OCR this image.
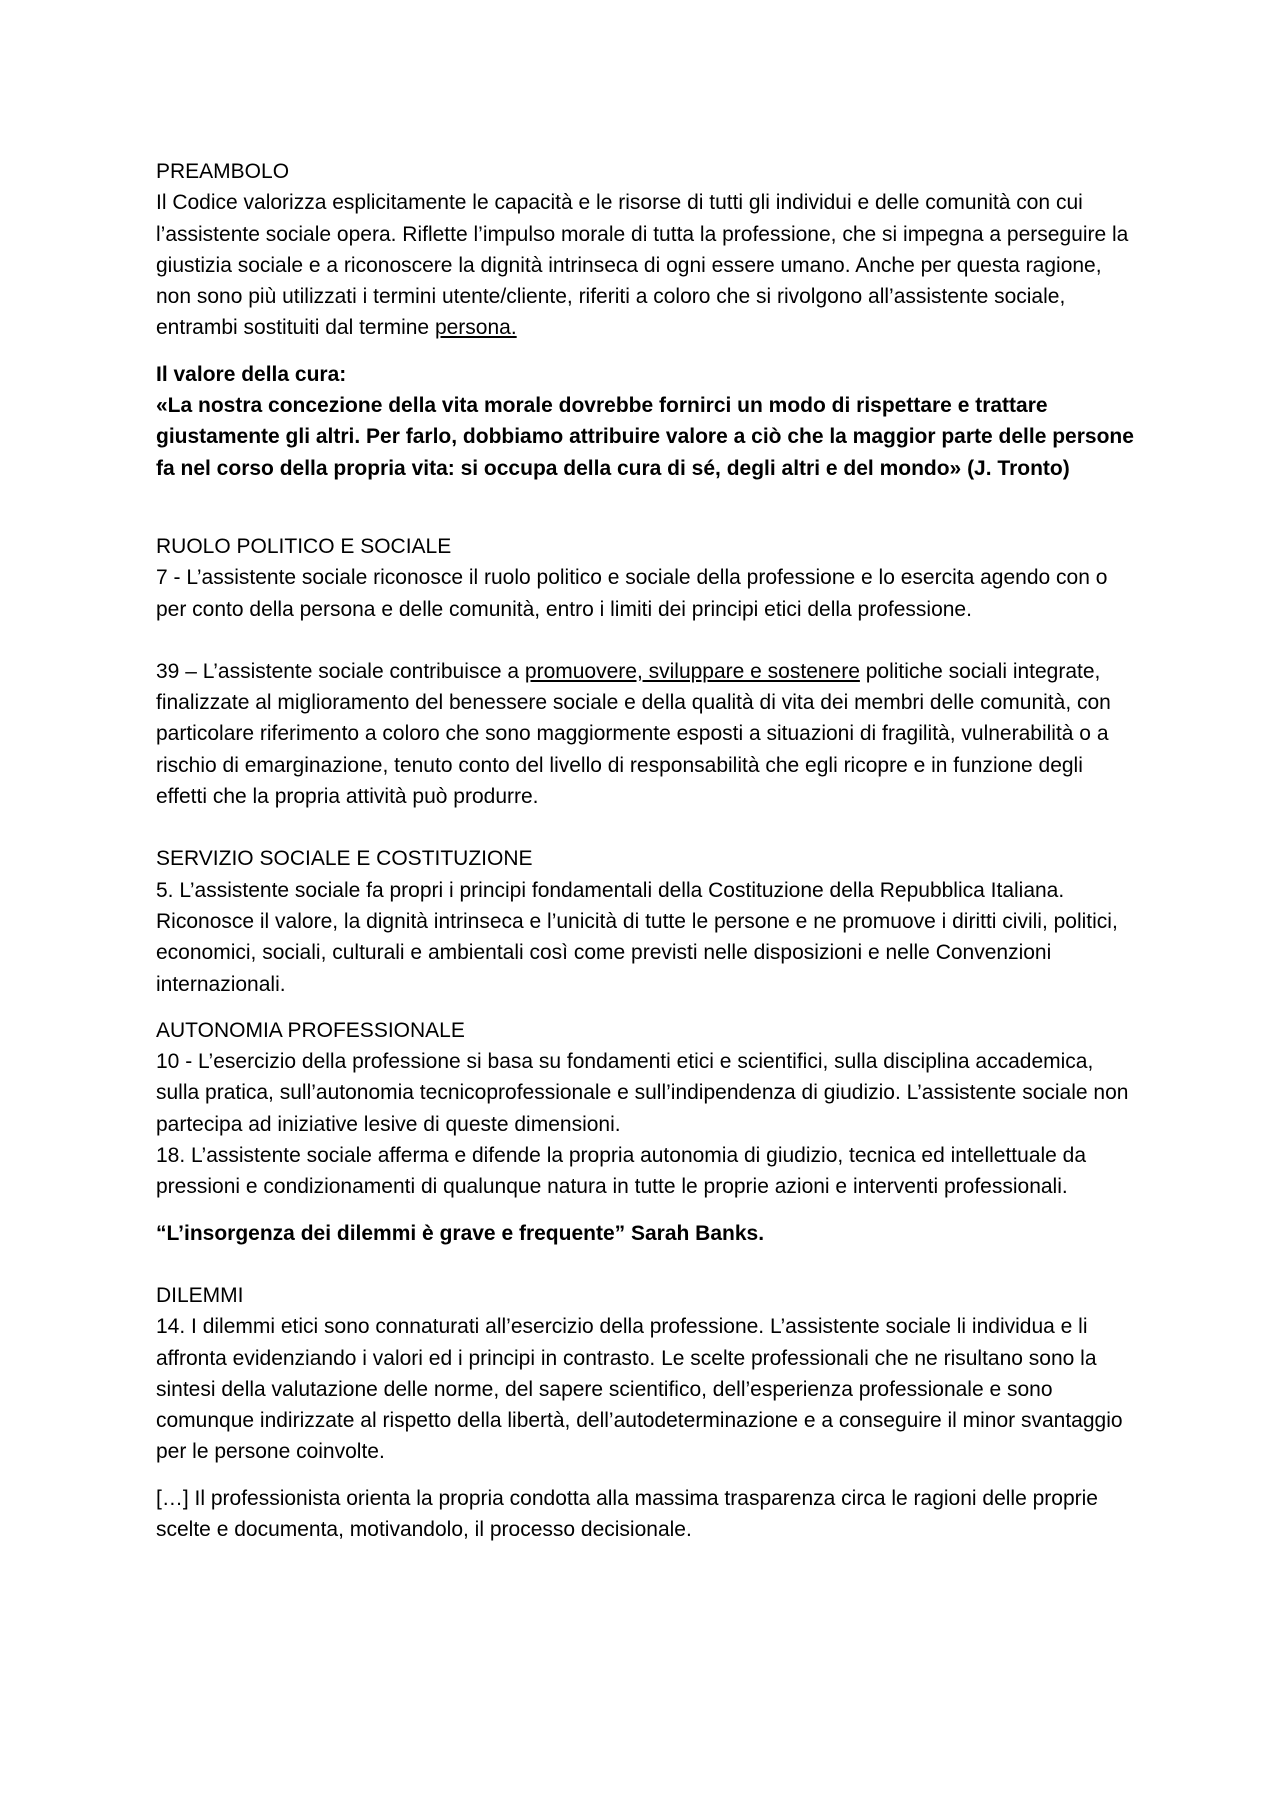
PREAMBOLO

Il Codice valorizza esplicitamente le capacità e le risorse di tutti gli individui e delle comunità con cui l’assistente sociale opera. Riflette l’impulso morale di tutta la professione, che si impegna a perseguire la giustizia sociale e a riconoscere la dignità intrinseca di ogni essere umano. Anche per questa ragione, non sono più utilizzati i termini utente/cliente, riferiti a coloro che si rivolgono all’assistente sociale, entrambi sostituiti dal termine persona.

Il valore della cura:

«La nostra concezione della vita morale dovrebbe fornirci un modo di rispettare e trattare giustamente gli altri. Per farlo, dobbiamo attribuire valore a ciò che la maggior parte delle persone fa nel corso della propria vita: si occupa della cura di sé, degli altri e del mondo» (J. Tronto)

RUOLO POLITICO E SOCIALE

7 - L’assistente sociale riconosce il ruolo politico e sociale della professione e lo esercita agendo con o per conto della persona e delle comunità, entro i limiti dei principi etici della professione.

39 – L’assistente sociale contribuisce a promuovere, sviluppare e sostenere politiche sociali integrate, finalizzate al miglioramento del benessere sociale e della qualità di vita dei membri delle comunità, con particolare riferimento a coloro che sono maggiormente esposti a situazioni di fragilità, vulnerabilità o a rischio di emarginazione, tenuto conto del livello di responsabilità che egli ricopre e in funzione degli effetti che la propria attività può produrre.

SERVIZIO SOCIALE E COSTITUZIONE

5. L’assistente sociale fa propri i principi fondamentali della Costituzione della Repubblica Italiana. Riconosce il valore, la dignità intrinseca e l’unicità di tutte le persone e ne promuove i diritti civili, politici, economici, sociali, culturali e ambientali così come previsti nelle disposizioni e nelle Convenzioni internazionali.

AUTONOMIA PROFESSIONALE

10 - L’esercizio della professione si basa su fondamenti etici e scientifici, sulla disciplina accademica, sulla pratica, sull’autonomia tecnicoprofessionale e sull’indipendenza di giudizio. L’assistente sociale non partecipa ad iniziative lesive di queste dimensioni.

18. L’assistente sociale afferma e difende la propria autonomia di giudizio, tecnica ed intellettuale da pressioni e condizionamenti di qualunque natura in tutte le proprie azioni e interventi professionali.

“L’insorgenza dei dilemmi è grave e frequente” Sarah Banks.

DILEMMI

14. I dilemmi etici sono connaturati all’esercizio della professione. L’assistente sociale li individua e li affronta evidenziando i valori ed i principi in contrasto. Le scelte professionali che ne risultano sono la sintesi della valutazione delle norme, del sapere scientifico, dell’esperienza professionale e sono comunque indirizzate al rispetto della libertà, dell’autodeterminazione e a conseguire il minor svantaggio per le persone coinvolte.

[…] Il professionista orienta la propria condotta alla massima trasparenza circa le ragioni delle proprie scelte e documenta, motivandolo, il processo decisionale.
